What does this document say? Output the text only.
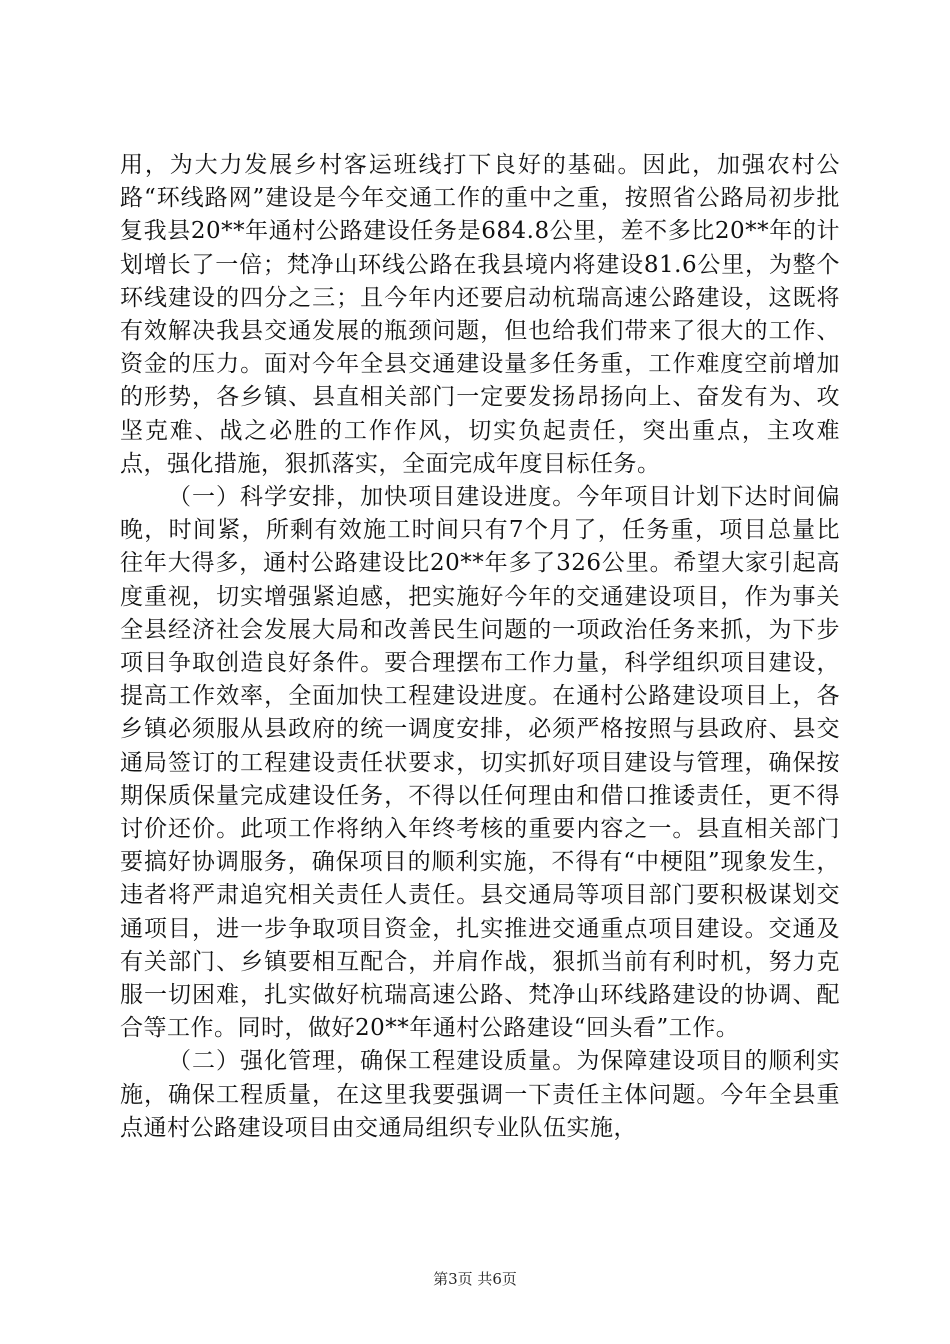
用，为大力发展乡村客运班线打下良好的基础。因此，加强农村公路“环线路网”建设是今年交通工作的重中之重，按照省公路局初步批复我县20**年通村公路建设任务是684.8公里，差不多比20**年的计划增长了一倍；梵净山环线公路在我县境内将建设81.6公里，为整个环线建设的四分之三；且今年内还要启动杭瑞高速公路建设，这既将有效解决我县交通发展的瓶颈问题，但也给我们带来了很大的工作、资金的压力。面对今年全县交通建设量多任务重，工作难度空前增加的形势，各乡镇、县直相关部门一定要发扬昂扬向上、奋发有为、攻坚克难、战之必胜的工作作风，切实负起责任，突出重点，主攻难点，强化措施，狠抓落实，全面完成年度目标任务。

（一）科学安排，加快项目建设进度。今年项目计划下达时间偏晚，时间紧，所剩有效施工时间只有7个月了，任务重，项目总量比往年大得多，通村公路建设比20**年多了326公里。希望大家引起高度重视，切实增强紧迫感，把实施好今年的交通建设项目，作为事关全县经济社会发展大局和改善民生问题的一项政治任务来抓，为下步项目争取创造良好条件。要合理摆布工作力量，科学组织项目建设，提高工作效率，全面加快工程建设进度。在通村公路建设项目上，各乡镇必须服从县政府的统一调度安排，必须严格按照与县政府、县交通局签订的工程建设责任状要求，切实抓好项目建设与管理，确保按期保质保量完成建设任务，不得以任何理由和借口推诿责任，更不得讨价还价。此项工作将纳入年终考核的重要内容之一。县直相关部门要搞好协调服务，确保项目的顺利实施，不得有“中梗阻”现象发生，违者将严肃追究相关责任人责任。县交通局等项目部门要积极谋划交通项目，进一步争取项目资金，扎实推进交通重点项目建设。交通及有关部门、乡镇要相互配合，并肩作战，狠抓当前有利时机，努力克服一切困难，扎实做好杭瑞高速公路、梵净山环线路建设的协调、配合等工作。同时，做好20**年通村公路建设“回头看”工作。

（二）强化管理，确保工程建设质量。为保障建设项目的顺利实施，确保工程质量，在这里我要强调一下责任主体问题。今年全县重点通村公路建设项目由交通局组织专业队伍实施，

第3页 共6页
